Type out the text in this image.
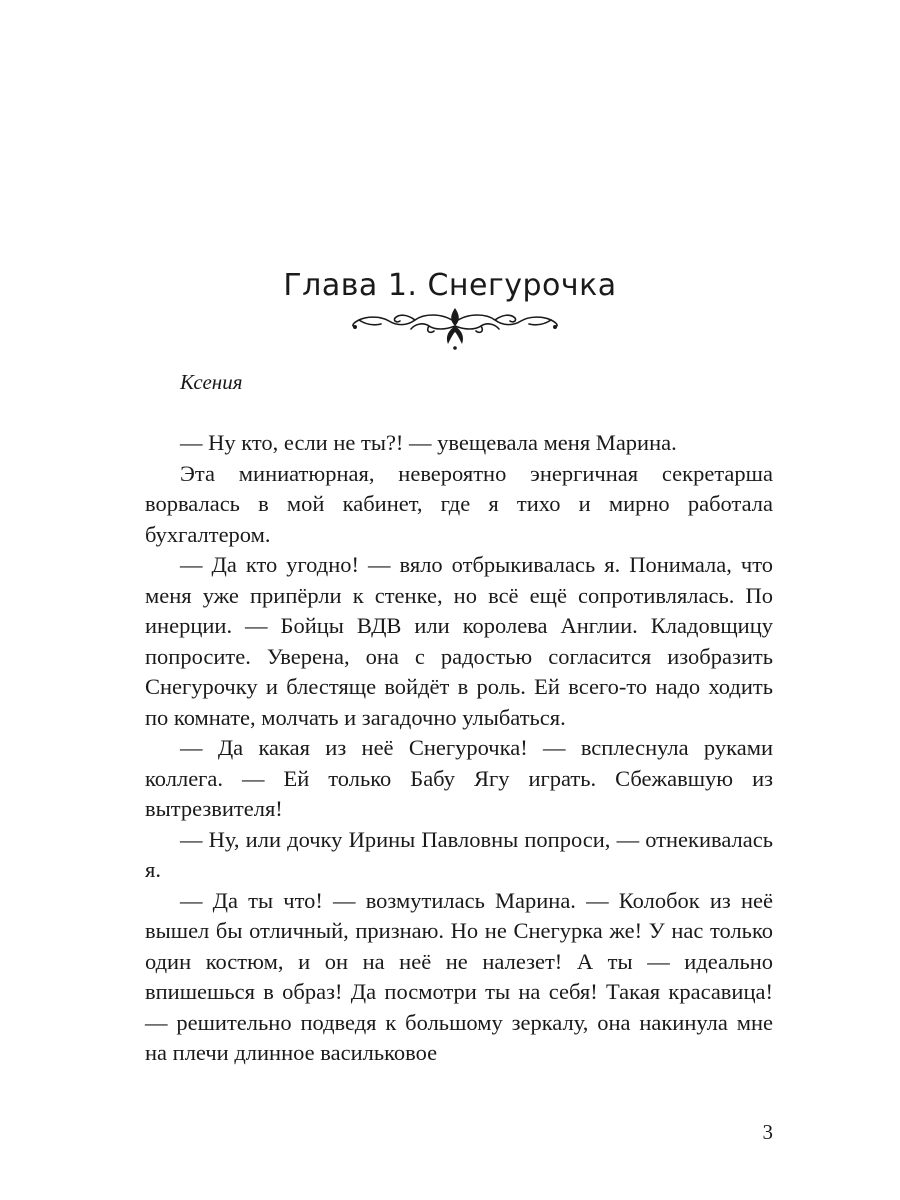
Глава 1. Снегурочка

Ксения

— Ну кто, если не ты?! — увещевала меня Марина.

Эта миниатюрная, невероятно энергичная секретарша ворвалась в мой кабинет, где я тихо и мирно работала бухгалтером.

— Да кто угодно! — вяло отбрыкивалась я. Понимала, что меня уже припёрли к стенке, но всё ещё сопротивлялась. По инерции. — Бойцы ВДВ или королева Англии. Кладовщицу попросите. Уверена, она с радостью согласится изобразить Снегурочку и блестяще войдёт в роль. Ей всего-то надо ходить по комнате, молчать и загадочно улыбаться.

— Да какая из неё Снегурочка! — всплеснула руками коллега. — Ей только Бабу Ягу играть. Сбежавшую из вытрезвителя!

— Ну, или дочку Ирины Павловны попроси, — отнекивалась я.

— Да ты что! — возмутилась Марина. — Колобок из неё вышел бы отличный, признаю. Но не Снегурка же! У нас только один костюм, и он на неё не налезет! А ты — идеально впишешься в образ! Да посмотри ты на себя! Такая красавица! — решительно подведя к большому зеркалу, она накинула мне на плечи длинное васильковое

3
